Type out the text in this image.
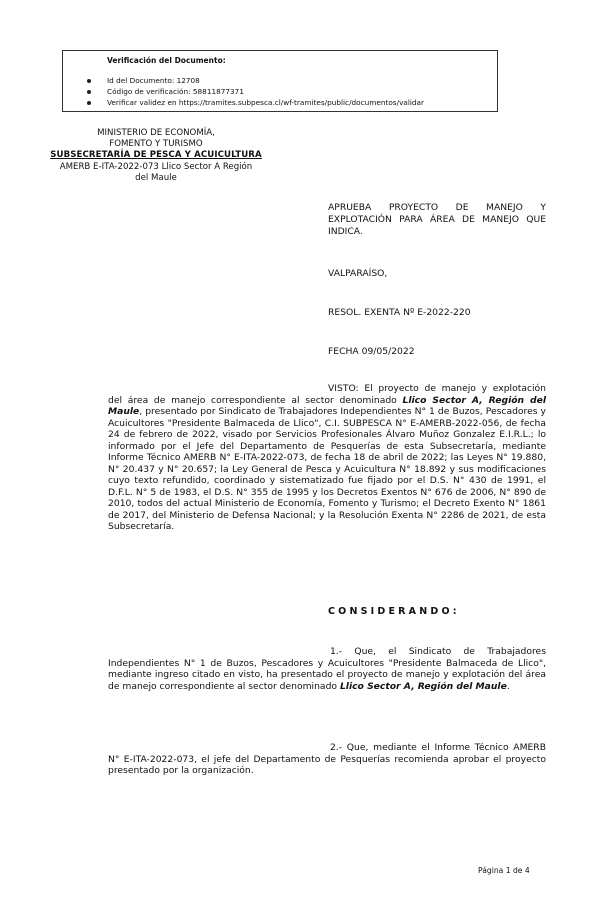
Verificación del Documento:
Id del Documento: 12708
Código de verificación: 58811877371
Verificar validez en https://tramites.subpesca.cl/wf-tramites/public/documentos/validar
MINISTERIO DE ECONOMÍA,
FOMENTO Y TURISMO
SUBSECRETARÍA DE PESCA Y ACUICULTURA
AMERB E-ITA-2022-073 Llico Sector A Región
del Maule
APRUEBA PROYECTO DE MANEJO Y EXPLOTACIÓN PARA ÁREA DE MANEJO QUE INDICA.
VALPARAÍSO,
RESOL. EXENTA Nº E-2022-220
FECHA 09/05/2022

VISTO: El proyecto de manejo y explotación del área de manejo correspondiente al sector denominado Llico Sector A, Región del Maule, presentado por Sindicato de Trabajadores Independientes N° 1 de Buzos, Pescadores y Acuicultores "Presidente Balmaceda de Llico", C.I. SUBPESCA N° E-AMERB-2022-056, de fecha 24 de febrero de 2022, visado por Servicios Profesionales Álvaro Muñoz Gonzalez E.I.R.L.; lo informado por el Jefe del Departamento de Pesquerías de esta Subsecretaría, mediante Informe Técnico AMERB N° E-ITA-2022-073, de fecha 18 de abril de 2022; las Leyes N° 19.880, N° 20.437 y N° 20.657; la Ley General de Pesca y Acuicultura N° 18.892 y sus modificaciones cuyo texto refundido, coordinado y sistematizado fue fijado por el D.S. N° 430 de 1991, el D.F.L. N° 5 de 1983, el D.S. N° 355 de 1995 y los Decretos Exentos N° 676 de 2006, N° 890 de 2010, todos del actual Ministerio de Economía, Fomento y Turismo; el Decreto Exento N° 1861 de 2017, del Ministerio de Defensa Nacional; y la Resolución Exenta N° 2286 de 2021, de esta Subsecretaría.

CONSIDERANDO:

1.- Que, el Sindicato de Trabajadores Independientes N° 1 de Buzos, Pescadores y Acuicultores "Presidente Balmaceda de Llico", mediante ingreso citado en visto, ha presentado el proyecto de manejo y explotación del área de manejo correspondiente al sector denominado Llico Sector A, Región del Maule.

2.- Que, mediante el Informe Técnico AMERB N° E-ITA-2022-073, el jefe del Departamento de Pesquerías recomienda aprobar el proyecto presentado por la organización.

Página 1 de 4
